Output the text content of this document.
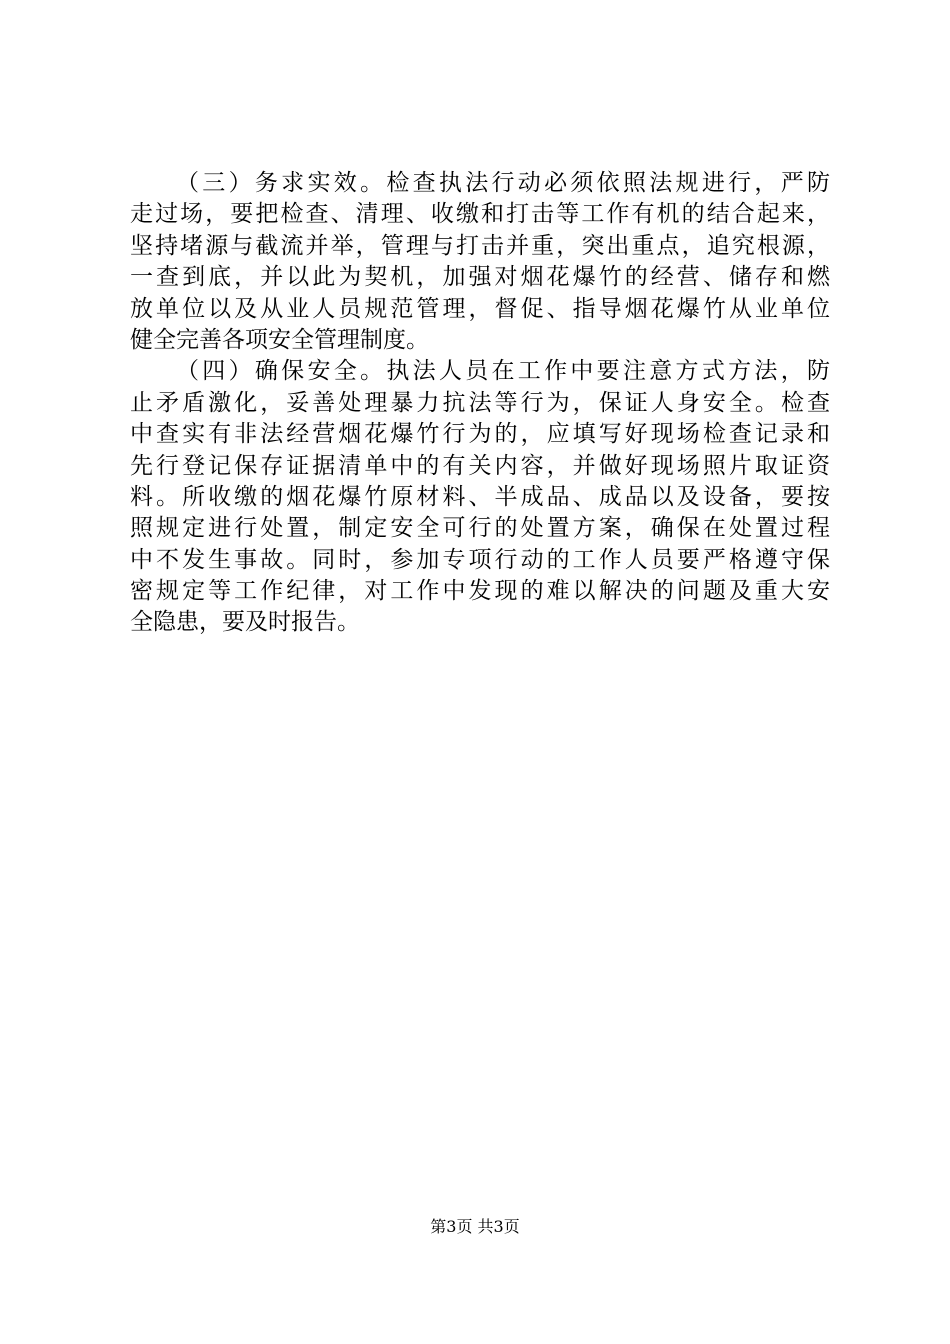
（三）务求实效。检查执法行动必须依照法规进行，严防
走过场，要把检查、清理、收缴和打击等工作有机的结合起来，
坚持堵源与截流并举，管理与打击并重，突出重点，追究根源，
一查到底，并以此为契机，加强对烟花爆竹的经营、储存和燃
放单位以及从业人员规范管理，督促、指导烟花爆竹从业单位
健全完善各项安全管理制度。
（四）确保安全。执法人员在工作中要注意方式方法，防
止矛盾激化，妥善处理暴力抗法等行为，保证人身安全。检查
中查实有非法经营烟花爆竹行为的，应填写好现场检查记录和
先行登记保存证据清单中的有关内容，并做好现场照片取证资
料。所收缴的烟花爆竹原材料、半成品、成品以及设备，要按
照规定进行处置，制定安全可行的处置方案，确保在处置过程
中不发生事故。同时，参加专项行动的工作人员要严格遵守保
密规定等工作纪律，对工作中发现的难以解决的问题及重大安
全隐患，要及时报告。
第3页 共3页
